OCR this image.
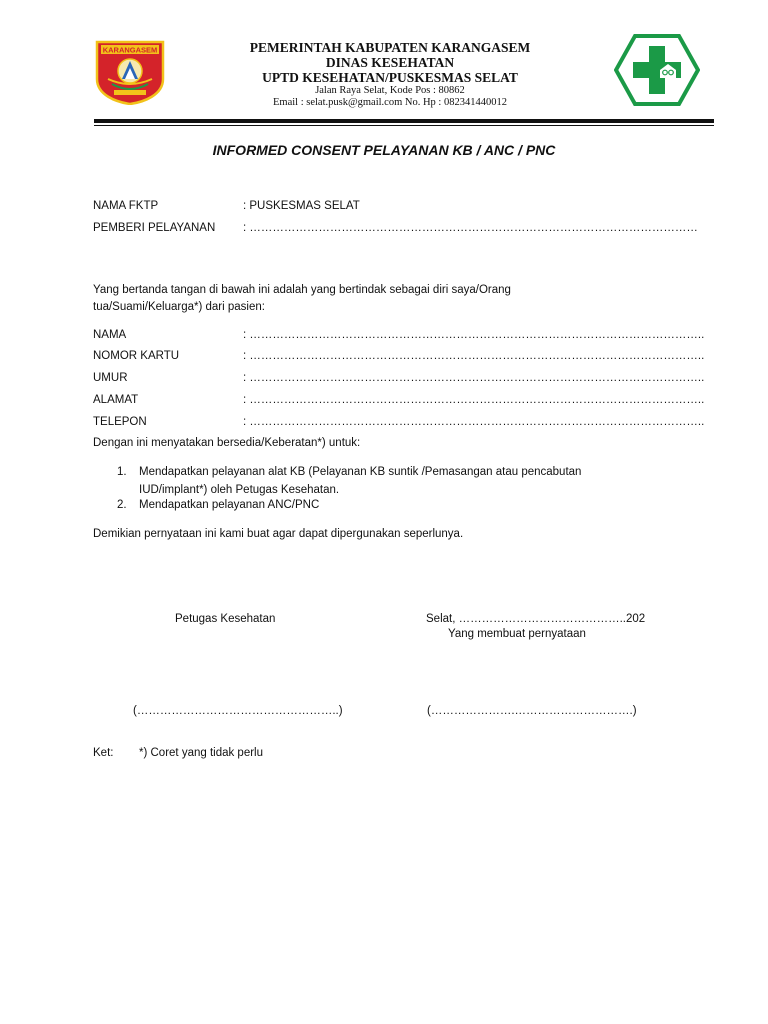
KARANGASEM	PEMERINTAH KABUPATEN KARANGASEM
DINAS KESEHATAN
UPTD KESEHATAN/PUSKESMAS SELAT
Jalan Raya Selat, Kode Pos : 80862
Email : selat.pusk@gmail.com No. Hp : 082341440012
INFORMED CONSENT PELAYANAN KB / ANC / PNC
NAMA FKTP	: PUSKESMAS SELAT
PEMBERI PELAYANAN : ………………………………………………………………………………………………………
Yang bertanda tangan di bawah ini adalah yang bertindak sebagai diri saya/Orang
tua/Suami/Keluarga*) dari pasien:
NAMA	: ………………………………………………………………………………………………………..
NOMOR KARTU	: ………………………………………………………………………………………………………..
UMUR	: ………………………………………………………………………………………………………..
ALAMAT	: ………………………………………………………………………………………………………..
TELEPON	: ………………………………………………………………………………………………………..
Dengan ini menyatakan bersedia/Keberatan*) untuk:
1. Mendapatkan pelayanan alat KB (Pelayanan KB suntik /Pemasangan atau pencabutan
IUD/implant*) oleh Petugas Kesehatan.
2. Mendapatkan pelayanan ANC/PNC
Demikian pernyataan ini kami buat agar dapat dipergunakan seperlunya.
Petugas Kesehatan	Selat, ……………………………………..202
Yang membuat pernyataan
(……………………………………………..)	(………………….………………………….)
Ket: *) Coret yang tidak perlu
